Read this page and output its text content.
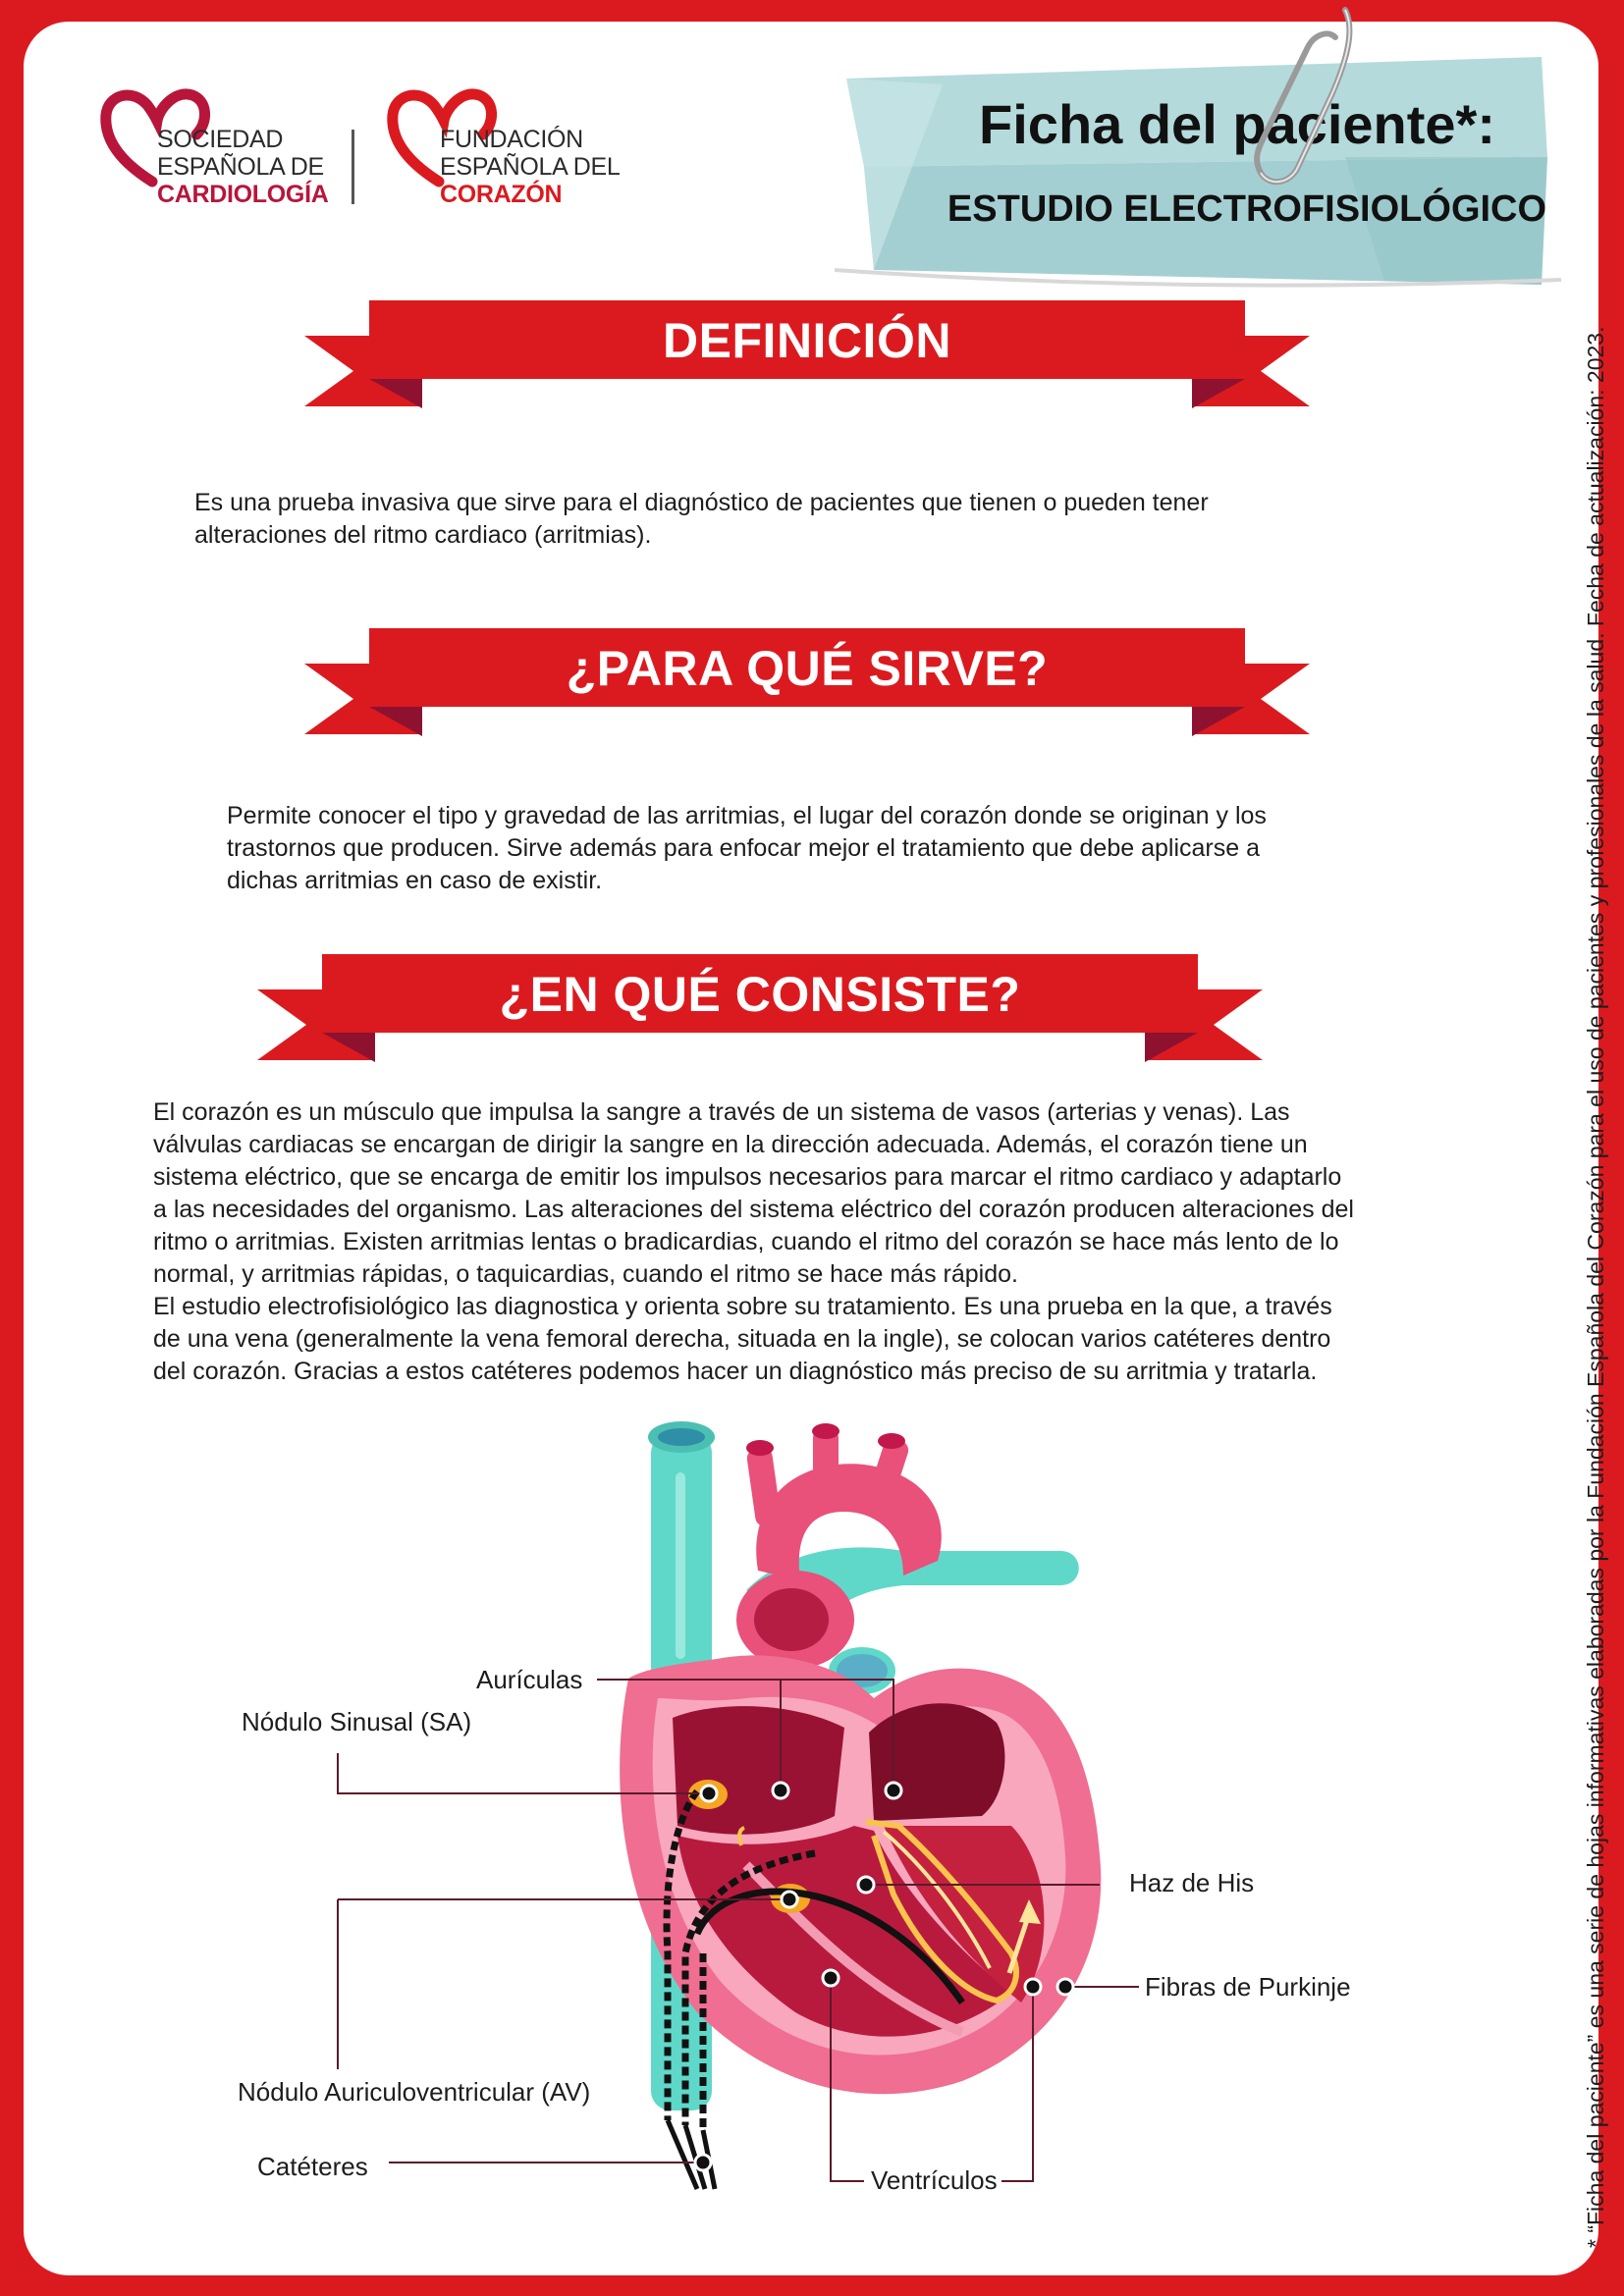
SOCIEDAD
ESPAÑOLA DE
CARDIOLOGÍA
FUNDACIÓN
ESPAÑOLA DEL
CORAZÓN
Ficha del paciente*:
ESTUDIO ELECTROFISIOLÓGICO
DEFINICIÓN

Es una prueba invasiva que sirve para el diagnóstico de pacientes que tienen o pueden tener alteraciones del ritmo cardiaco (arritmias).

¿PARA QUÉ SIRVE?

Permite conocer el tipo y gravedad de las arritmias, el lugar del corazón donde se originan y los trastornos que producen. Sirve además para enfocar mejor el tratamiento que debe aplicarse a dichas arritmias en caso de existir.

¿EN QUÉ CONSISTE?

El corazón es un músculo que impulsa la sangre a través de un sistema de vasos (arterias y venas). Las válvulas cardiacas se encargan de dirigir la sangre en la dirección adecuada. Además, el corazón tiene un sistema eléctrico, que se encarga de emitir los impulsos necesarios para marcar el ritmo cardiaco y adaptarlo a las necesidades del organismo. Las alteraciones del sistema eléctrico del corazón producen alteraciones del ritmo o arritmias. Existen arritmias lentas o bradicardias, cuando el ritmo del corazón se hace más lento de lo normal, y arritmias rápidas, o taquicardias, cuando el ritmo se hace más rápido.

El estudio electrofisiológico las diagnostica y orienta sobre su tratamiento. Es una prueba en la que, a través de una vena (generalmente la vena femoral derecha, situada en la ingle), se colocan varios catéteres dentro del corazón. Gracias a estos catéteres podemos hacer un diagnóstico más preciso de su arritmia y tratarla.

Aurículas
Nódulo Sinusal (SA)
Haz de His
Fibras de Purkinje
Nódulo Auriculoventricular (AV)
Catéteres	Ventrículos	* “Ficha del paciente” es una serie de hojas informativas elaboradas por la Fundación Española del Corazón para el uso de pacientes y profesionales de la salud. Fecha de actualización: 2023.
